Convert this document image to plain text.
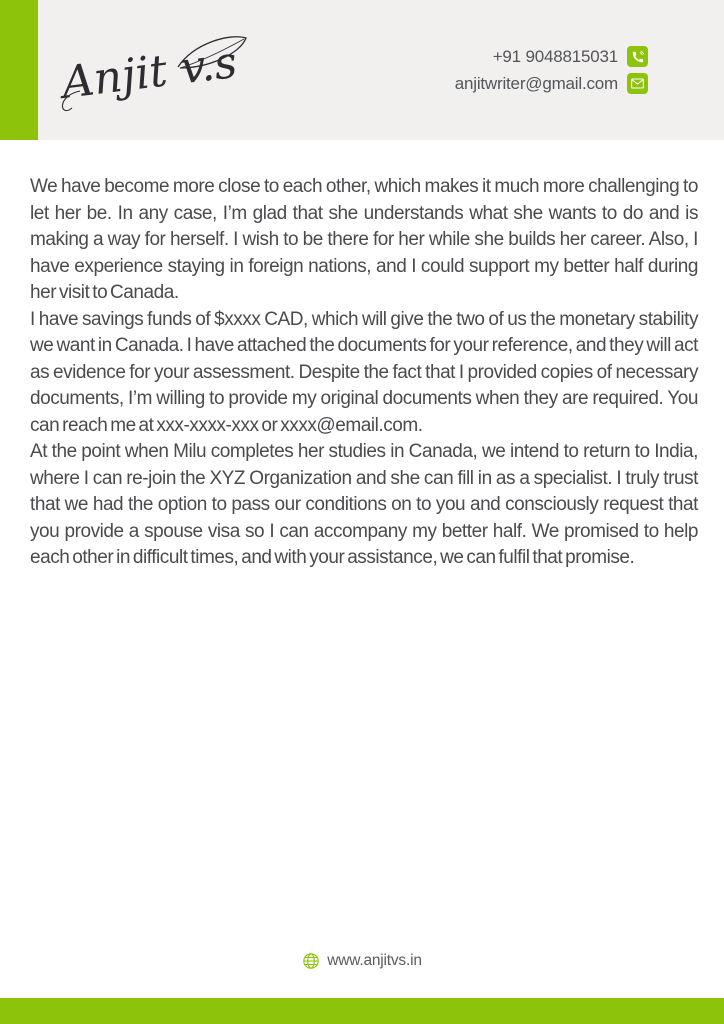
Anjit v.s	+91 9048815031
anjitwriter@gmail.com

We have become more close to each other, which makes it much more challenging to let her be. In any case, I’m glad that she understands what she wants to do and is making a way for herself. I wish to be there for her while she builds her career. Also, I have experience staying in foreign nations, and I could support my better half during her visit to Canada.

I have savings funds of $xxxx CAD, which will give the two of us the monetary stability we want in Canada. I have attached the documents for your reference, and they will act as evidence for your assessment. Despite the fact that I provided copies of necessary documents, I’m willing to provide my original documents when they are required. You can reach me at xxx-xxxx-xxx or xxxx@email.com.

At the point when Milu completes her studies in Canada, we intend to return to India, where I can re-join the XYZ Organization and she can fill in as a specialist. I truly trust that we had the option to pass our conditions on to you and consciously request that you provide a spouse visa so I can accompany my better half. We promised to help each other in difficult times, and with your assistance, we can fulfil that promise.

www.anjitvs.in
